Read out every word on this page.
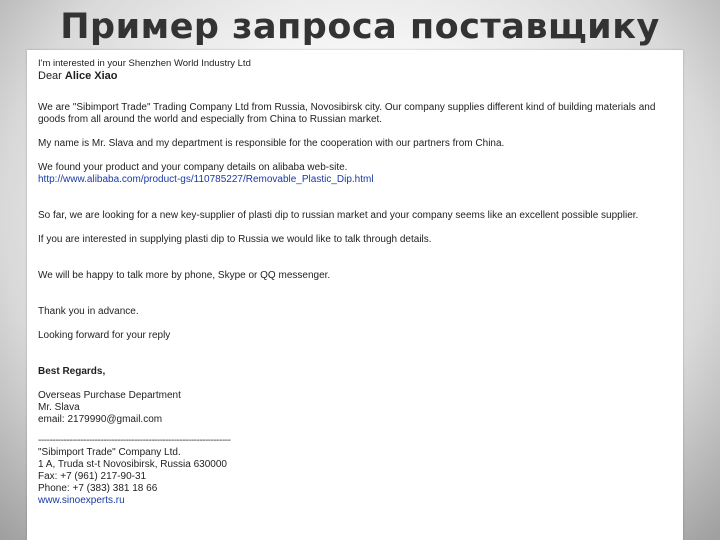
Пример запроса поставщику

I'm interested in your Shenzhen World Industry Ltd

Dear Alice Xiao

We are "Sibimport Trade" Trading Company Ltd from Russia, Novosibirsk city. Our company supplies different kind of building materials and goods from all around the world and especially from China to Russian market.

My name is Mr. Slava and my department is responsible for the cooperation with our partners from China.

We found your product and your company details on alibaba web-site.

http://www.alibaba.com/product-gs/110785227/Removable_Plastic_Dip.html

So far, we are looking for a new key-supplier of plasti dip to russian market and your company seems like an excellent possible supplier.

If you are interested in supplying plasti dip to Russia we would like to talk through details.

We will be happy to talk more by phone, Skype or QQ messenger.

Thank you in advance.

Looking forward for your reply

Best Regards,

Overseas Purchase Department

Mr. Slava

email: 2179990@gmail.com

--------------------------------------------------------------------

"Sibimport Trade" Company Ltd.

1 A, Truda st-t Novosibirsk, Russia 630000

Fax: +7 (961) 217-90-31

Phone: +7 (383) 381 18 66

www.sinoexperts.ru
